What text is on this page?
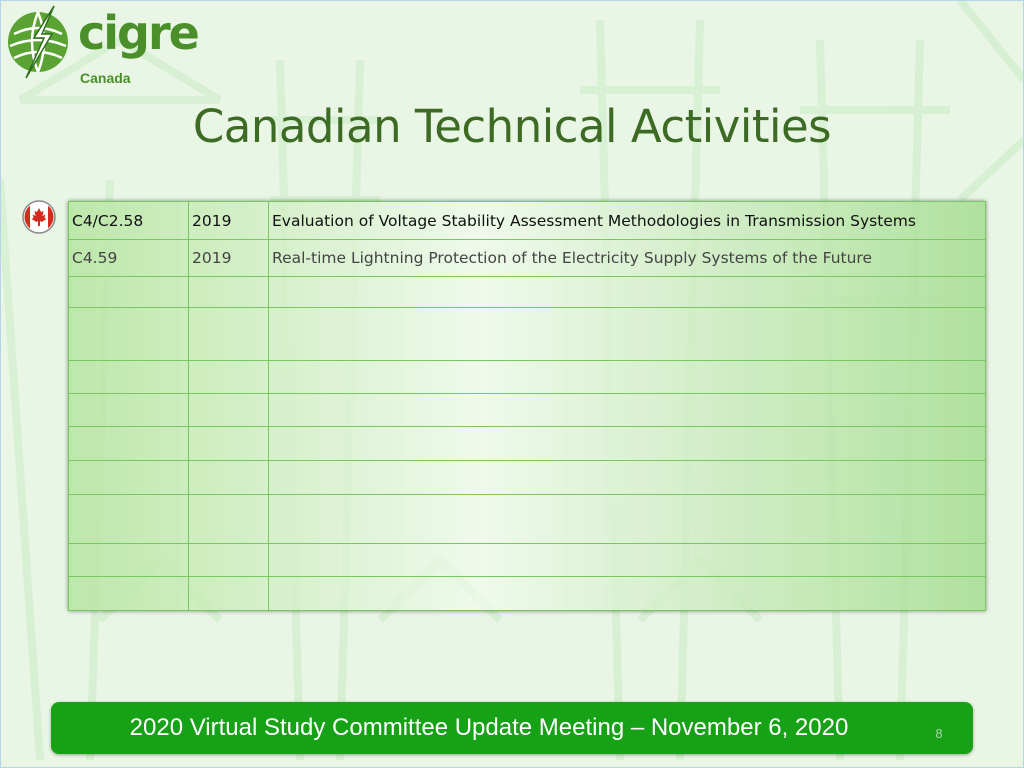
cigre
Canada
Canadian Technical Activities
C4/C2.58	2019	Evaluation of Voltage Stability Assessment Methodologies in Transmission Systems
C4.59	2019	Real-time Lightning Protection of the Electricity Supply Systems of the Future

2020 Virtual Study Committee Update Meeting – November 6, 2020	8
